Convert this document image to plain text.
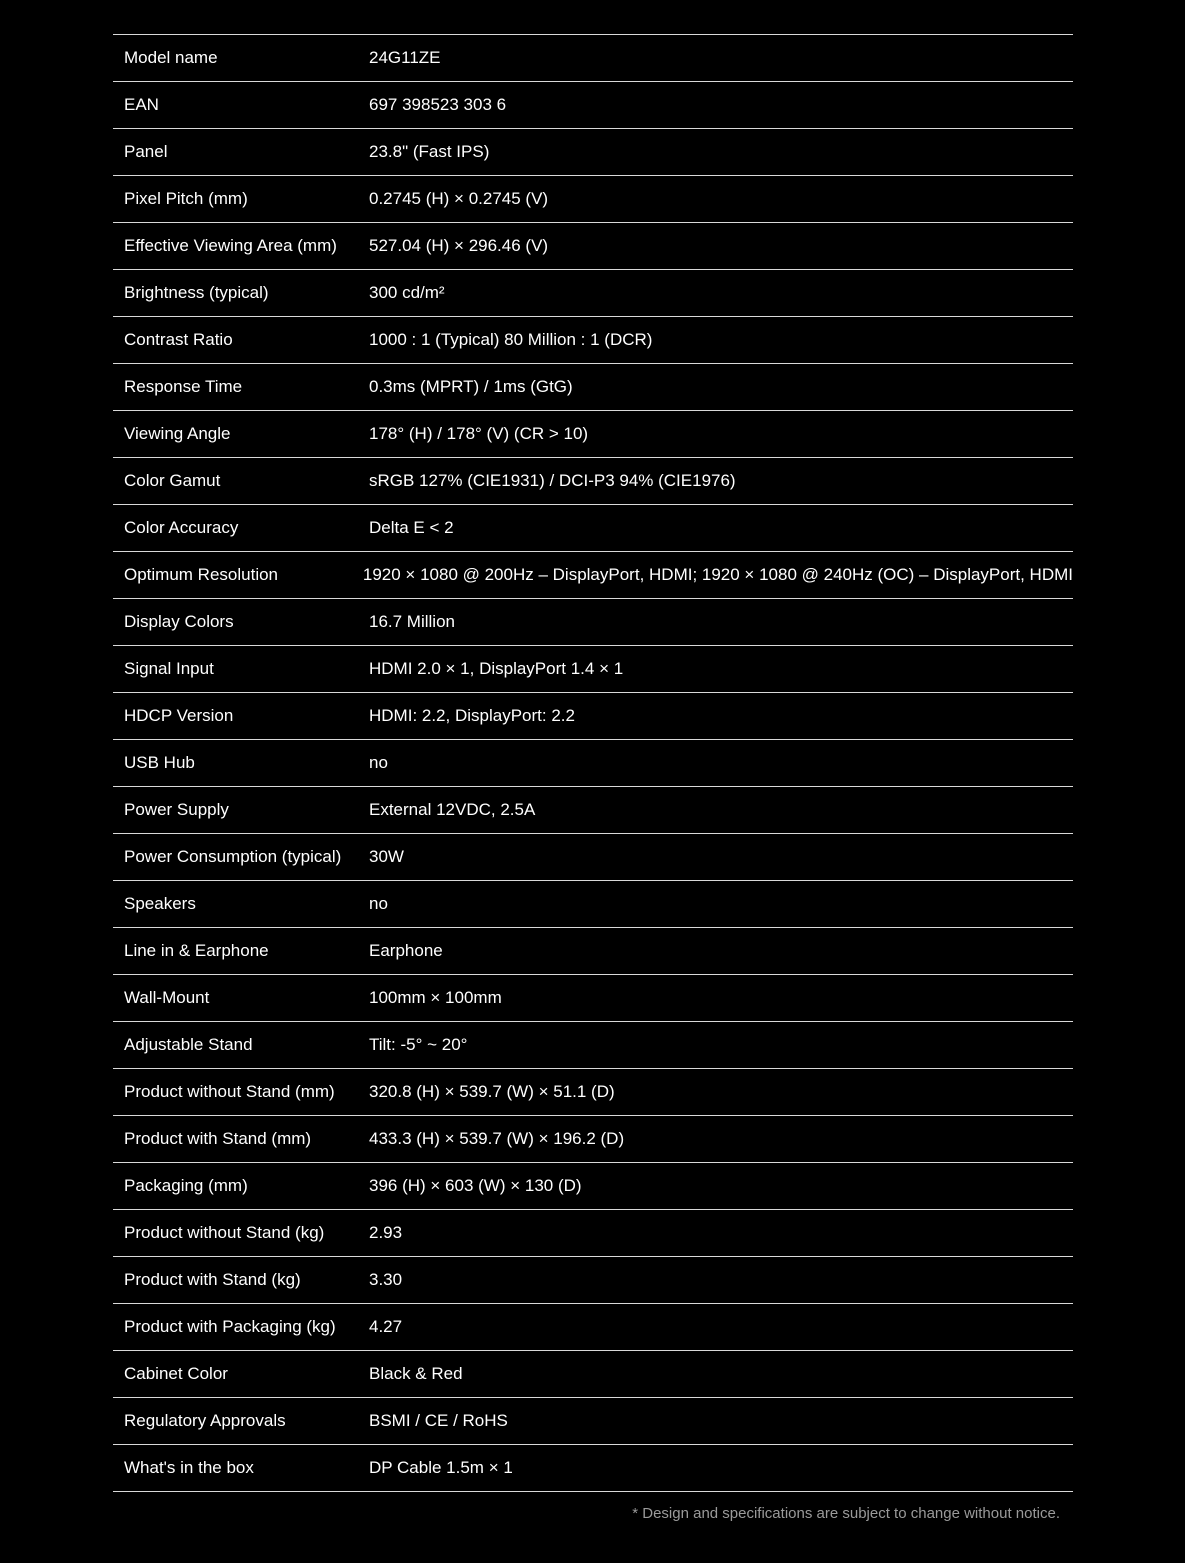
Model name	24G11ZE
EAN	697 398523 303 6
Panel	23.8" (Fast IPS)
Pixel Pitch (mm)	0.2745 (H) × 0.2745 (V)
Effective Viewing Area (mm)	527.04 (H) × 296.46 (V)
Brightness (typical)	300 cd/m²
Contrast Ratio	1000 : 1 (Typical) 80 Million : 1 (DCR)
Response Time	0.3ms (MPRT) / 1ms (GtG)
Viewing Angle	178° (H) / 178° (V) (CR > 10)
Color Gamut	sRGB 127% (CIE1931) / DCI-P3 94% (CIE1976)
Color Accuracy	Delta E < 2
Optimum Resolution	1920 × 1080 @ 200Hz – DisplayPort, HDMI; 1920 × 1080 @ 240Hz (OC) – DisplayPort, HDMI
Display Colors	16.7 Million
Signal Input	HDMI 2.0 × 1, DisplayPort 1.4 × 1
HDCP Version	HDMI: 2.2, DisplayPort: 2.2
USB Hub	no
Power Supply	External 12VDC, 2.5A
Power Consumption (typical)	30W
Speakers	no
Line in & Earphone	Earphone
Wall-Mount	100mm × 100mm
Adjustable Stand	Tilt: -5° ~ 20°
Product without Stand (mm)	320.8 (H) × 539.7 (W) × 51.1 (D)
Product with Stand (mm)	433.3 (H) × 539.7 (W) × 196.2 (D)
Packaging (mm)	396 (H) × 603 (W) × 130 (D)
Product without Stand (kg)	2.93
Product with Stand (kg)	3.30
Product with Packaging (kg)	4.27
Cabinet Color	Black & Red
Regulatory Approvals	BSMI / CE / RoHS
What's in the box	DP Cable 1.5m × 1
* Design and specifications are subject to change without notice.
